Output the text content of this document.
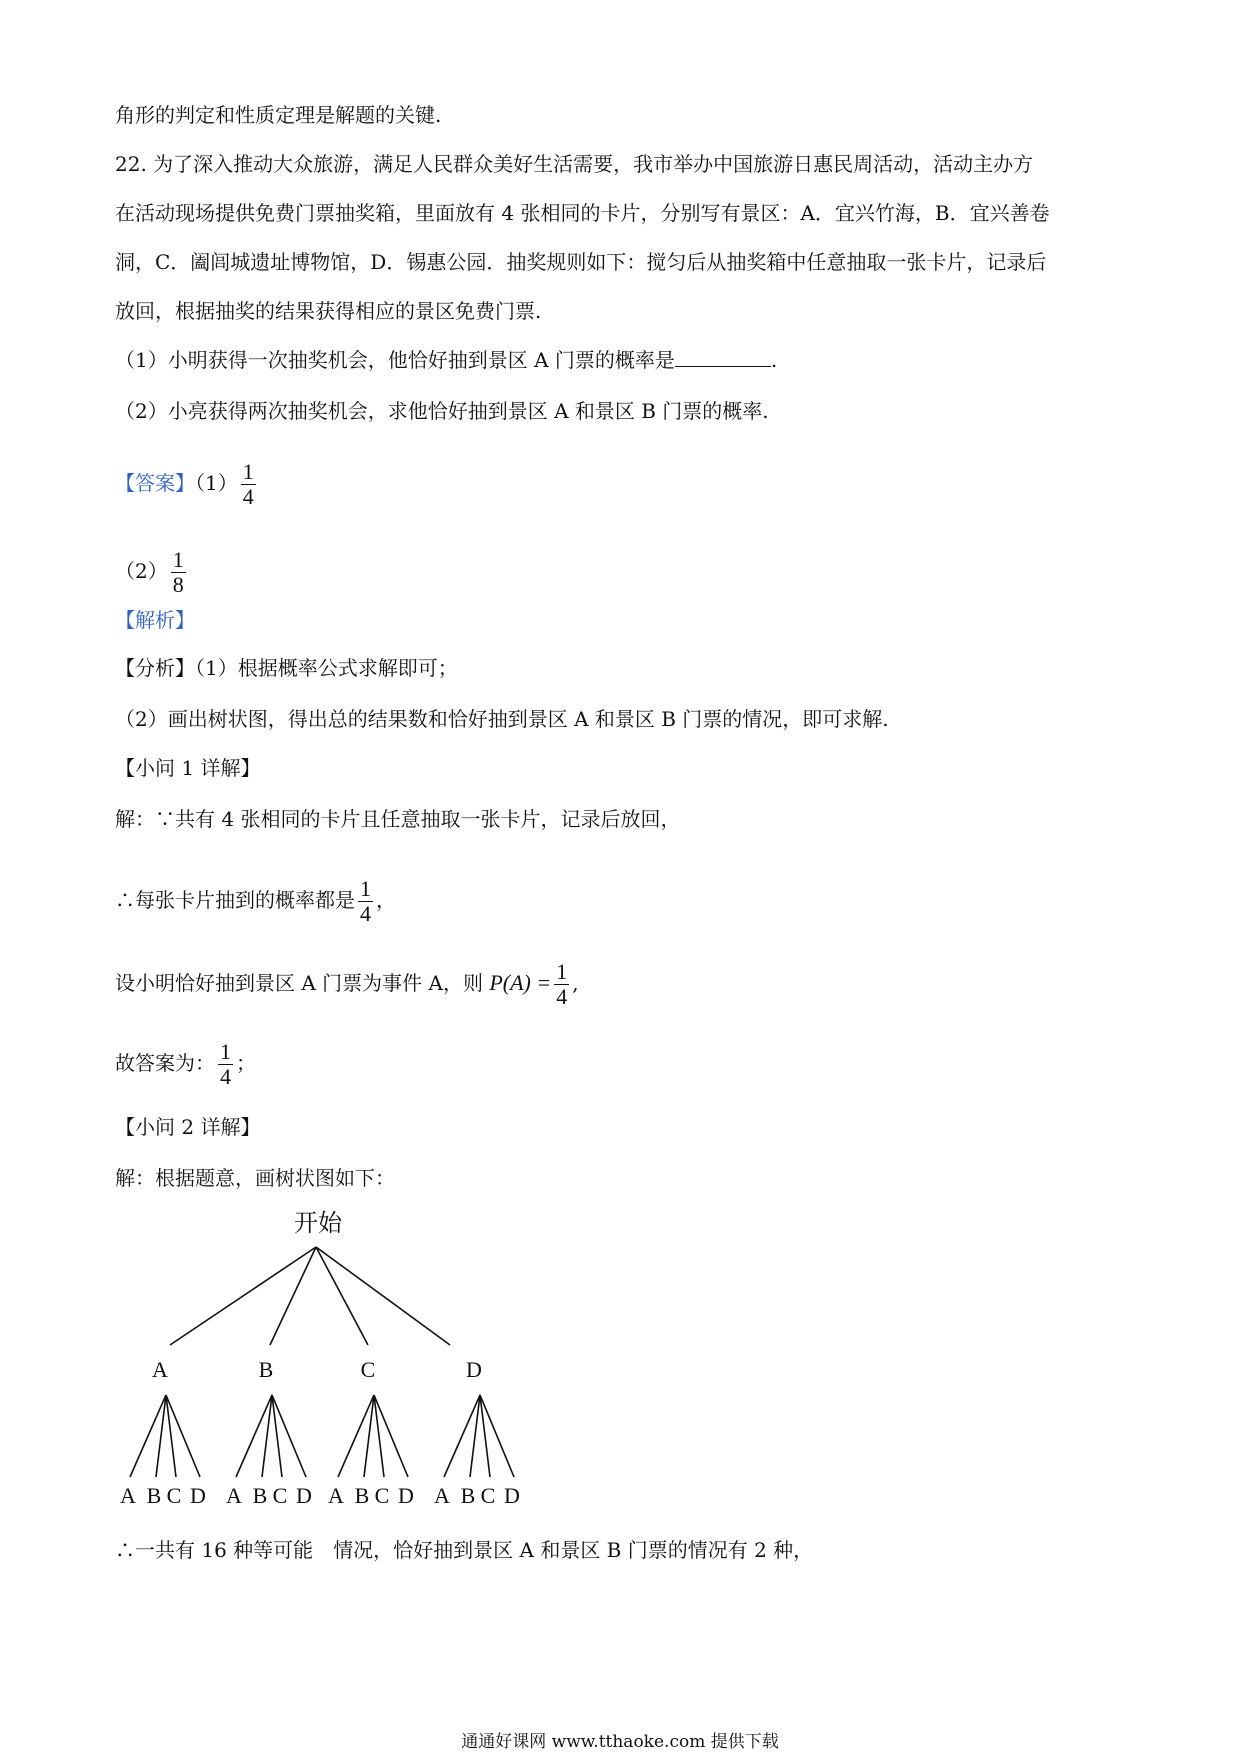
角形的判定和性质定理是解题的关键.
22. 为了深入推动大众旅游，满足人民群众美好生活需要，我市举办中国旅游日惠民周活动，活动主办方
在活动现场提供免费门票抽奖箱，里面放有 4 张相同的卡片，分别写有景区：A．宜兴竹海，B．宜兴善卷
洞，C．阖闾城遗址博物馆，D．锡惠公园．抽奖规则如下：搅匀后从抽奖箱中任意抽取一张卡片，记录后
放回，根据抽奖的结果获得相应的景区免费门票.
（1）小明获得一次抽奖机会，他恰好抽到景区 A 门票的概率是	.
（2）小亮获得两次抽奖机会，求他恰好抽到景区 A 和景区 B 门票的概率.
【答案】$(1) \frac{1}{4}$
$(2) \frac{1}{8}$
【解析】
【分析】（1）根据概率公式求解即可；
（2）画出树状图，得出总的结果数和恰好抽到景区 A 和景区 B 门票的情况，即可求解.
【小问 1 详解】
解：∵共有 4 张相同的卡片且任意抽取一张卡片，记录后放回，
∴每张卡片抽到的概率都是 $\frac{1}{4}$ ，
设小明恰好抽到景区 A 门票为事件 A，则 $P(A) = \frac{1}{4}$ ,
故答案为： $\frac{1}{4}$ ；
【小问 2 详解】
解：根据题意，画树状图如下：
开始
A
A B C D
B
A B C D
C
A B C D
D
A B C D
∴一共有 16 种等可能　情况，恰好抽到景区 A 和景区 B 门票的情况有 2 种，
通通好课网 www.tthaoke.com 提供下载
